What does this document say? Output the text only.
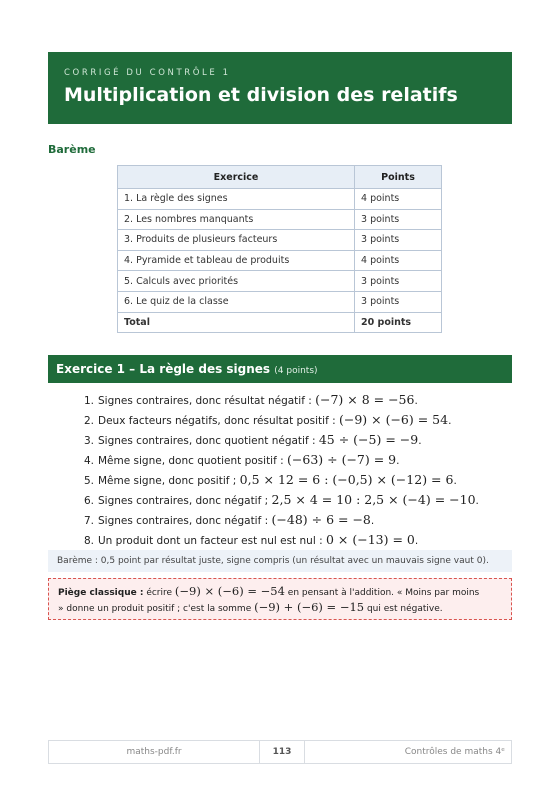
CORRIGÉ DU CONTRÔLE 1
Multiplication et division des relatifs
Barème
Exercice	Points
1. La règle des signes	4 points
2. Les nombres manquants	3 points
3. Produits de plusieurs facteurs	3 points
4. Pyramide et tableau de produits	4 points
5. Calculs avec priorités	3 points
6. Le quiz de la classe	3 points
Total	20 points
Exercice 1 – La règle des signes (4 points)
1. Signes contraires, donc résultat négatif : (−7) × 8 = −56.
2. Deux facteurs négatifs, donc résultat positif : (−9) × (−6) = 54.
3. Signes contraires, donc quotient négatif : 45 ÷ (−5) = −9.
4. Même signe, donc quotient positif : (−63) ÷ (−7) = 9.
5. Même signe, donc positif ; 0,5 × 12 = 6 : (−0,5) × (−12) = 6.
6. Signes contraires, donc négatif ; 2,5 × 4 = 10 : 2,5 × (−4) = −10.
7. Signes contraires, donc négatif : (−48) ÷ 6 = −8.
8. Un produit dont un facteur est nul est nul : 0 × (−13) = 0.
Barème : 0,5 point par résultat juste, signe compris (un résultat avec un mauvais signe vaut 0).
Piège classique : écrire (−9) × (−6) = −54 en pensant à l'addition. « Moins par moins
» donne un produit positif ; c'est la somme (−9) + (−6) = −15 qui est négative.
maths-pdf.fr	113	Contrôles de maths 4ᵉ
